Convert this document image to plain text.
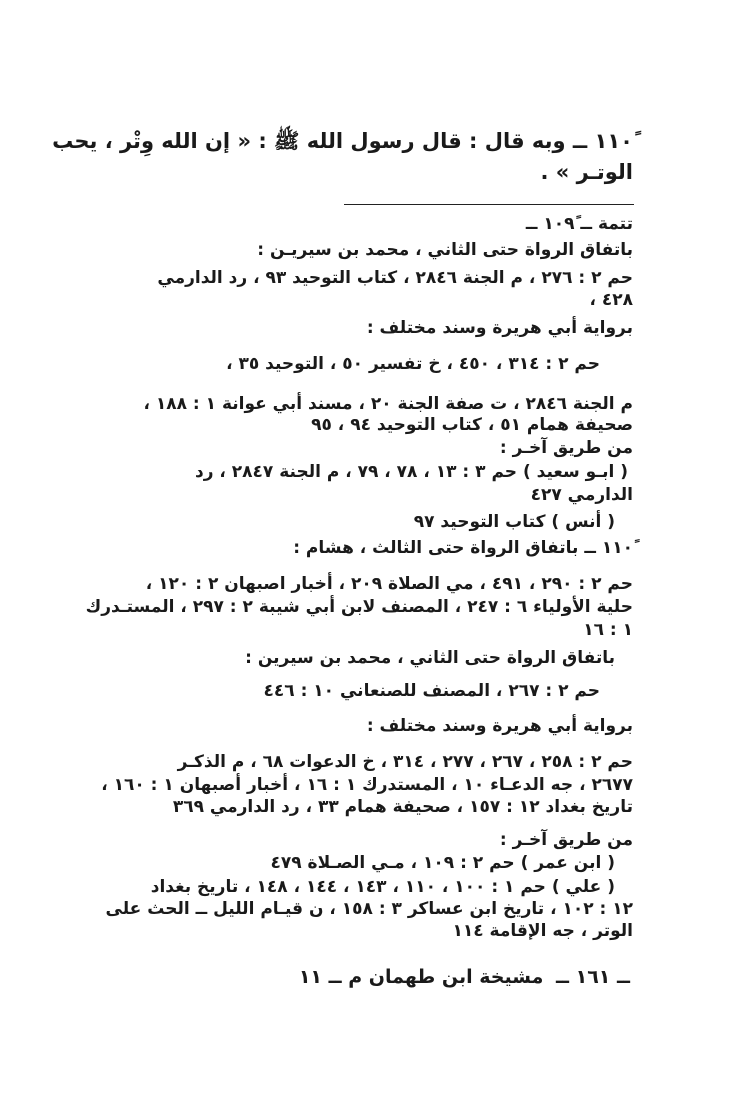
١١٠ً ــ وبه قال : قال رسول الله ﷺ : « إن الله وِتْر ، يحب
الوتـر » .
تتمة ــ ١٠٩ً ــ
باتفاق الرواة حتى الثاني ، محمد بن سيريـن :
حم ٢ : ٢٧٦ ، م الجنة ٢٨٤٦ ، كتاب التوحيد ٩٣ ، رد الدارمي
٤٢٨ ،
برواية أبي هريرة وسند مختلف :
حم ٢ : ٣١٤ ، ٤٥٠ ، خ تفسير ٥٠ ، التوحيد ٣٥ ،
م الجنة ٢٨٤٦ ، ت صفة الجنة ٢٠ ، مسند أبي عوانة ١ : ١٨٨ ،
صحيفة همام ٥١ ، كتاب التوحيد ٩٤ ، ٩٥
من طريق آخـر :
( ابـو سعيد ) حم ٣ : ١٣ ، ٧٨ ، ٧٩ ، م الجنة ٢٨٤٧ ، رد
الدارمي ٤٢٧
( أنس ) كتاب التوحيد ٩٧
١١٠ً ــ باتفاق الرواة حتى الثالث ، هشام :
حم ٢ : ٢٩٠ ، ٤٩١ ، مي الصلاة ٢٠٩ ، أخبار اصبهان ٢ : ١٢٠ ،
حلية الأولياء ٦ : ٢٤٧ ، المصنف لابن أبي شيبة ٢ : ٢٩٧ ، المستـدرك
١ : ١٦
باتفاق الرواة حتى الثاني ، محمد بن سيرين :
حم ٢ : ٢٦٧ ، المصنف للصنعاني ١٠ : ٤٤٦
برواية أبي هريرة وسند مختلف :
حم ٢ : ٢٥٨ ، ٢٦٧ ، ٢٧٧ ، ٣١٤ ، خ الدعوات ٦٨ ، م الذكـر
٢٦٧٧ ، جه الدعـاء ١٠ ، المستدرك ١ : ١٦ ، أخبار أصبهان ١ : ١٦٠ ،
تاريخ بغداد ١٢ : ١٥٧ ، صحيفة همام ٣٣ ، رد الدارمي ٣٦٩
من طريق آخـر :
( ابن عمر ) حم ٢ : ١٠٩ ، مـي الصـلاة ٤٧٩
( علي ) حم ١ : ١٠٠ ، ١١٠ ، ١٤٣ ، ١٤٤ ، ١٤٨ ، تاريخ بغداد
١٢ : ١٠٢ ، تاريخ ابن عساكر ٣ : ١٥٨ ، ن قيـام الليل ــ الحث على
الوتر ، جه الإقامة ١١٤
ــ ١٦١ ــ مشيخة ابن طهمان م ــ ١١
